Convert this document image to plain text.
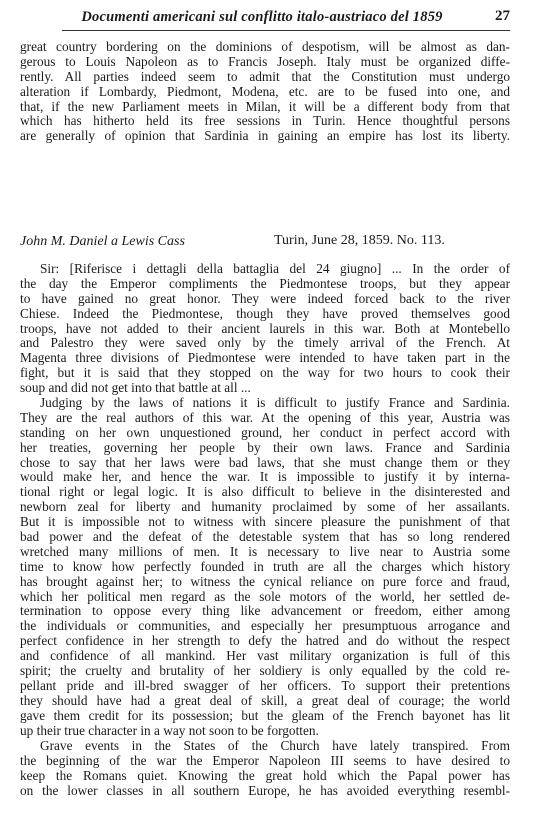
Documenti americani sul conflitto italo-austriaco del 1859	27
great country bordering on the dominions of despotism, will be almost as dan-
gerous to Louis Napoleon as to Francis Joseph. Italy must be organized diffe-
rently. All parties indeed seem to admit that the Constitution must undergo
alteration if Lombardy, Piedmont, Modena, etc. are to be fused into one, and
that, if the new Parliament meets in Milan, it will be a different body from that
which has hitherto held its free sessions in Turin. Hence thoughtful persons
are generally of opinion that Sardinia in gaining an empire has lost its liberty.
John M. Daniel a Lewis Cass	Turin, June 28, 1859. No. 113.
Sir: [Riferisce i dettagli della battaglia del 24 giugno] ... In the order of
the day the Emperor compliments the Piedmontese troops, but they appear
to have gained no great honor. They were indeed forced back to the river
Chiese. Indeed the Piedmontese, though they have proved themselves good
troops, have not added to their ancient laurels in this war. Both at Montebello
and Palestro they were saved only by the timely arrival of the French. At
Magenta three divisions of Piedmontese were intended to have taken part in the
fight, but it is said that they stopped on the way for two hours to cook their
soup and did not get into that battle at all ...
Judging by the laws of nations it is difficult to justify France and Sardinia.
They are the real authors of this war. At the opening of this year, Austria was
standing on her own unquestioned ground, her conduct in perfect accord with
her treaties, governing her people by their own laws. France and Sardinia
chose to say that her laws were bad laws, that she must change them or they
would make her, and hence the war. It is impossible to justify it by interna-
tional right or legal logic. It is also difficult to believe in the disinterested and
newborn zeal for liberty and humanity proclaimed by some of her assailants.
But it is impossible not to witness with sincere pleasure the punishment of that
bad power and the defeat of the detestable system that has so long rendered
wretched many millions of men. It is necessary to live near to Austria some
time to know how perfectly founded in truth are all the charges which history
has brought against her; to witness the cynical reliance on pure force and fraud,
which her political men regard as the sole motors of the world, her settled de-
termination to oppose every thing like advancement or freedom, either among
the individuals or communities, and especially her presumptuous arrogance and
perfect confidence in her strength to defy the hatred and do without the respect
and confidence of all mankind. Her vast military organization is full of this
spirit; the cruelty and brutality of her soldiery is only equalled by the cold re-
pellant pride and ill-bred swagger of her officers. To support their pretentions
they should have had a great deal of skill, a great deal of courage; the world
gave them credit for its possession; but the gleam of the French bayonet has lit
up their true character in a way not soon to be forgotten.
Grave events in the States of the Church have lately transpired. From
the beginning of the war the Emperor Napoleon III seems to have desired to
keep the Romans quiet. Knowing the great hold which the Papal power has
on the lower classes in all southern Europe, he has avoided everything resembl-
